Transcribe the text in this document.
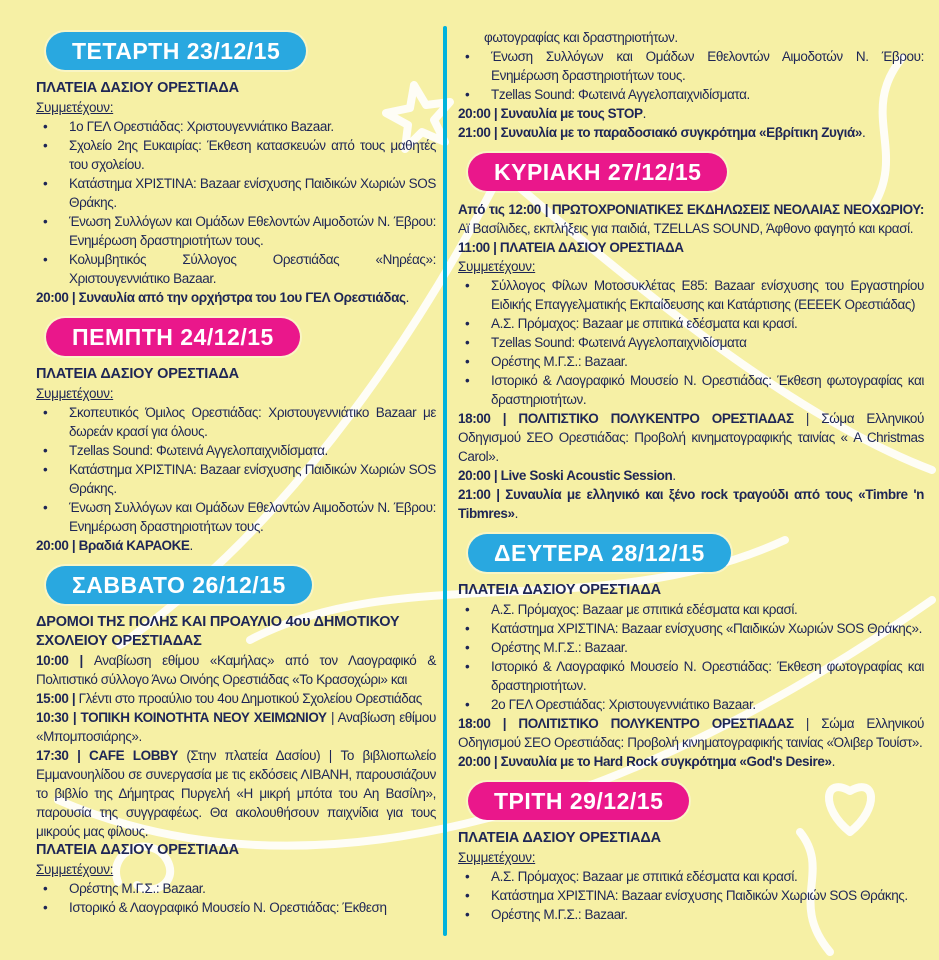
ΤΕΤΑΡΤΗ 23/12/15

ΠΛΑΤΕΙΑ ΔΑΣΙΟΥ ΟΡΕΣΤΙΑΔΑ
Συμμετέχουν:
•	1ο ΓΕΛ Ορεστιάδας: Χριστουγεννιάτικο Bazaar.
•	Σχολείο 2ης Ευκαιρίας: Έκθεση κατασκευών από τους μαθητές του σχολείου.
•	Κατάστημα ΧΡΙΣΤΙΝΑ: Bazaar ενίσχυσης Παιδικών Χωριών SOS Θράκης.
•	Ένωση Συλλόγων και Ομάδων Εθελοντών Αιμοδοτών Ν. Έβρου: Ενημέρωση δραστηριοτήτων τους.
•	Κολυμβητικός Σύλλογος Ορεστιάδας «Νηρέας»: Χριστουγεννιάτικο Bazaar.
20:00 | Συναυλία από την ορχήστρα του 1ου ΓΕΛ Ορεστιάδας.
ΠΕΜΠΤΗ 24/12/15

ΠΛΑΤΕΙΑ ΔΑΣΙΟΥ ΟΡΕΣΤΙΑΔΑ
Συμμετέχουν:
•	Σκοπευτικός Όμιλος Ορεστιάδας: Χριστουγεννιάτικο Bazaar με δωρεάν κρασί για όλους.
•	Tzellas Sound: Φωτεινά Αγγελοπαιχνιδίσματα.
•	Κατάστημα ΧΡΙΣΤΙΝΑ: Bazaar ενίσχυσης Παιδικών Χωριών SOS Θράκης.
•	Ένωση Συλλόγων και Ομάδων Εθελοντών Αιμοδοτών Ν. Έβρου: Ενημέρωση δραστηριοτήτων τους.
20:00 | Βραδιά ΚΑΡΑΟΚΕ.
ΣΑΒΒΑΤΟ 26/12/15

ΔΡΟΜΟΙ ΤΗΣ ΠΟΛΗΣ ΚΑΙ ΠΡΟΑΥΛΙΟ 4ου ΔΗΜΟΤΙΚΟΥ ΣΧΟΛΕΙΟΥ ΟΡΕΣΤΙΑΔΑΣ
10:00 | Αναβίωση εθίμου «Καμήλας» από τον Λαογραφικό & Πολιτιστικό σύλλογο Άνω Οινόης Ορεστιάδας «Το Κρασοχώρι» και
15:00 | Γλέντι στο προαύλιο του 4ου Δημοτικού Σχολείου Ορεστιάδας
10:30 | ΤΟΠΙΚΗ ΚΟΙΝΟΤΗΤΑ ΝΕΟΥ ΧΕΙΜΩΝΙΟΥ | Αναβίωση εθίμου «Μπομποσιάρης».
17:30 | CAFE LOBBY (Στην πλατεία Δασίου) | Το βιβλιοπωλείο Εμμανουηλίδου σε συνεργασία με τις εκδόσεις ΛΙΒΑΝΗ, παρουσιάζουν το βιβλίο της Δήμητρας Πυργελή «Η μικρή μπότα του Αη Βασίλη», παρουσία της συγγραφέως. Θα ακολουθήσουν παιχνίδια για τους μικρούς μας φίλους.
ΠΛΑΤΕΙΑ ΔΑΣΙΟΥ ΟΡΕΣΤΙΑΔΑ
Συμμετέχουν:
•	Ορέστης Μ.Γ.Σ.: Bazaar.
•	Ιστορικό & Λαογραφικό Μουσείο Ν. Ορεστιάδας: Έκθεση
φωτογραφίας και δραστηριοτήτων.
•	Ένωση Συλλόγων και Ομάδων Εθελοντών Αιμοδοτών Ν. Έβρου: Ενημέρωση δραστηριοτήτων τους.
•	Tzellas Sound: Φωτεινά Αγγελοπαιχνιδίσματα.
20:00 | Συναυλία με τους STOP.
21:00 | Συναυλία με το παραδοσιακό συγκρότημα «Εβρίτικη Ζυγιά».
ΚΥΡΙΑΚΗ 27/12/15

Από τις 12:00 | ΠΡΩΤΟΧΡΟΝΙΑΤΙΚΕΣ ΕΚΔΗΛΩΣΕΙΣ ΝΕΟΛΑΙΑΣ ΝΕΟΧΩΡΙΟΥ: Αϊ Βασίλιδες, εκπλήξεις για παιδιά, TZELLAS SOUND, Άφθονο φαγητό και κρασί.
11:00 | ΠΛΑΤΕΙΑ ΔΑΣΙΟΥ ΟΡΕΣΤΙΑΔΑ
Συμμετέχουν:
•	Σύλλογος Φίλων Μοτοσυκλέτας Ε85: Bazaar ενίσχυσης του Εργαστηρίου Ειδικής Επαγγελματικής Εκπαίδευσης και Κατάρτισης (ΕΕΕΕΚ Ορεστιάδας)
•	Α.Σ. Πρόμαχος: Bazaar με σπιτικά εδέσματα και κρασί.
•	Tzellas Sound: Φωτεινά Αγγελοπαιχνιδίσματα
•	Ορέστης Μ.Γ.Σ.: Bazaar.
•	Ιστορικό & Λαογραφικό Μουσείο Ν. Ορεστιάδας: Έκθεση φωτογραφίας και δραστηριοτήτων.
18:00 | ΠΟΛΙΤΙΣΤΙΚΟ ΠΟΛΥΚΕΝΤΡΟ ΟΡΕΣΤΙΑΔΑΣ | Σώμα Ελληνικού Οδηγισμού ΣΕΟ Ορεστιάδας: Προβολή κινηματογραφικής ταινίας « A Christmas Carol».
20:00 | Live Soski Acoustic Session.
21:00 | Συναυλία με ελληνικό και ξένο rock τραγούδι από τους «Timbre 'n Tibmres».
ΔΕΥΤΕΡΑ 28/12/15

ΠΛΑΤΕΙΑ ΔΑΣΙΟΥ ΟΡΕΣΤΙΑΔΑ
•	Α.Σ. Πρόμαχος: Bazaar με σπιτικά εδέσματα και κρασί.
•	Κατάστημα ΧΡΙΣΤΙΝΑ: Bazaar ενίσχυσης «Παιδικών Χωριών SOS Θράκης».
•	Ορέστης Μ.Γ.Σ.: Bazaar.
•	Ιστορικό & Λαογραφικό Μουσείο Ν. Ορεστιάδας: Έκθεση φωτογραφίας και δραστηριοτήτων.
•	2ο ΓΕΛ Ορεστιάδας: Χριστουγεννιάτικο Bazaar.
18:00 | ΠΟΛΙΤΙΣΤΙΚΟ ΠΟΛΥΚΕΝΤΡΟ ΟΡΕΣΤΙΑΔΑΣ | Σώμα Ελληνικού Οδηγισμού ΣΕΟ Ορεστιάδας: Προβολή κινηματογραφικής ταινίας «Όλιβερ Τουίστ».
20:00 | Συναυλία με το Hard Rock συγκρότημα «God's Desire».
ΤΡΙΤΗ 29/12/15

ΠΛΑΤΕΙΑ ΔΑΣΙΟΥ ΟΡΕΣΤΙΑΔΑ
Συμμετέχουν:
•	Α.Σ. Πρόμαχος: Bazaar με σπιτικά εδέσματα και κρασί.
•	Κατάστημα ΧΡΙΣΤΙΝΑ: Bazaar ενίσχυσης Παιδικών Χωριών SOS Θράκης.
•	Ορέστης Μ.Γ.Σ.: Bazaar.
